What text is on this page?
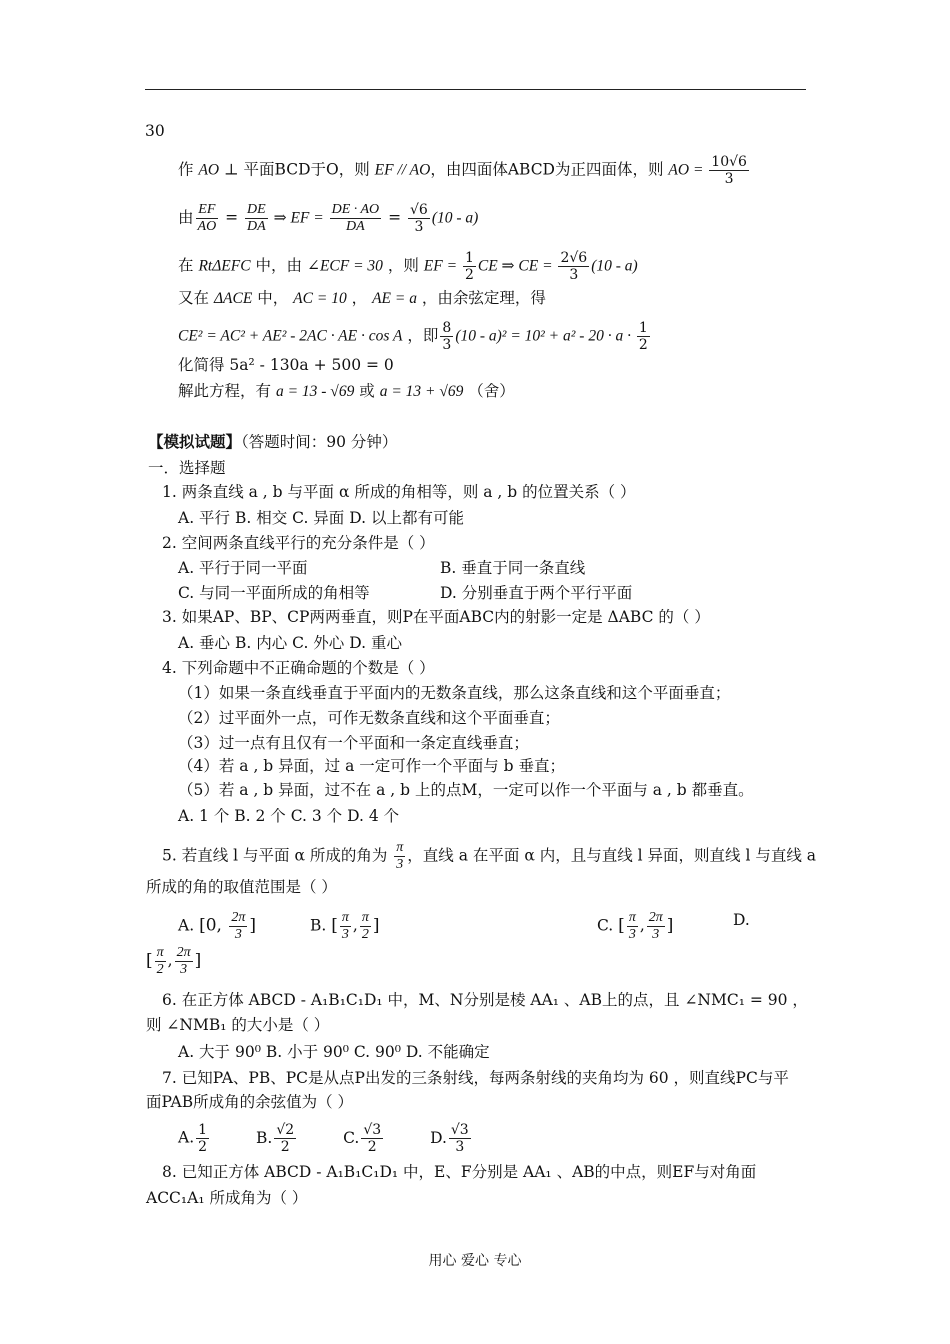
30
作 AO ⊥ 平面BCD于O，则 EF // AO，由四面体ABCD为正四面体，则 AO = $\frac{10√6}{3}$
由 $\frac{EF}{AO} = \frac{DE}{DA}$ ⇒ EF = $\frac{DE \cdot AO}{DA} = \frac{√6}{3} (10 - a)$
在 RtΔEFC 中，由 ∠ECF = 30 ，则 EF = $\frac{1}{2}$ CE ⇒ CE = $\frac{2√6}{3} (10 - a)$
又在 ΔACE 中， AC = 10 ， AE = a ，由余弦定理，得
CE² = AC² + AE² - 2AC · AE · cos A ，即 $\frac{8}{3} (10 - a)^2 = 10^2 + a^2 - 20 \cdot a \cdot \frac{1}{2}$
化简得 5a² - 130a + 500 = 0
解此方程，有 a = 13 - √69 或 a = 13 + √69 （舍）
【模拟试题】（答题时间：90 分钟）
一．选择题
1. 两条直线 a , b 与平面 α 所成的角相等，则 a , b 的位置关系（ ）
A. 平行 B. 相交 C. 异面 D. 以上都有可能
2. 空间两条直线平行的充分条件是（ ）
A. 平行于同一平面	B. 垂直于同一条直线
C. 与同一平面所成的角相等	D. 分别垂直于两个平行平面
3. 如果AP、BP、CP两两垂直，则P在平面ABC内的射影一定是 ΔABC 的（ ）
A. 垂心 B. 内心 C. 外心 D. 重心
4. 下列命题中不正确命题的个数是（ ）
（1）如果一条直线垂直于平面内的无数条直线，那么这条直线和这个平面垂直；
（2）过平面外一点，可作无数条直线和这个平面垂直；
（3）过一点有且仅有一个平面和一条定直线垂直；
（4）若 a , b 异面，过 a 一定可作一个平面与 b 垂直；
（5）若 a , b 异面，过不在 a , b 上的点M，一定可以作一个平面与 a , b 都垂直。
A. 1 个 B. 2 个 C. 3 个 D. 4 个
5. 若直线 l 与平面 α 所成的角为 $\frac{\pi}{3}$ ，直线 a 在平面 α 内，且与直线 l 异面，则直线 l 与直线 a
所成的角的取值范围是（ ）
A. [0, $\frac{2\pi}{3}$ ]	B. [ $\frac{\pi}{3}$ , $\frac{\pi}{2}$ ]	C. [ $\frac{\pi}{3}$ , $\frac{2\pi}{3}$ ]	D.
[ $\frac{\pi}{2}$ , $\frac{2\pi}{3}$ ]
6. 在正方体 ABCD - A₁B₁C₁D₁ 中，M、N分别是棱 AA₁ 、AB上的点，且 ∠NMC₁ = 90 ，
则 ∠NMB₁ 的大小是（ ）
A. 大于 90⁰ B. 小于 90⁰ C. 90⁰ D. 不能确定
7. 已知PA、PB、PC是从点P出发的三条射线，每两条射线的夹角均为 60 ，则直线PC与平
面PAB所成角的余弦值为（ ）
A. $\frac{1}{2}$	B. $\frac{√2}{2}$	C. $\frac{√3}{2}$	D. $\frac{√3}{3}$
8. 已知正方体 ABCD - A₁B₁C₁D₁ 中，E、F分别是 AA₁ 、AB的中点，则EF与对角面
ACC₁A₁ 所成角为（ ）
用心 爱心 专心
